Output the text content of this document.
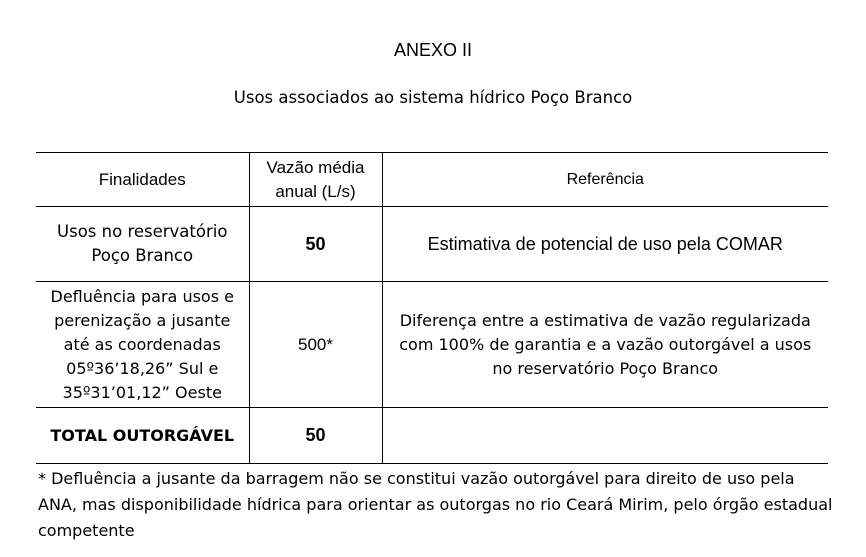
ANEXO II
Usos associados ao sistema hídrico Poço Branco
Finalidades	Vazão média anual (L/s)	Referência
Usos no reservatório Poço Branco	50	Estimativa de potencial de uso pela COMAR
Defluência para usos e perenização a jusante até as coordenadas 05º36’18,26” Sul e 35º31’01,12” Oeste	500*	Diferença entre a estimativa de vazão regularizada com 100% de garantia e a vazão outorgável a usos no reservatório Poço Branco
TOTAL OUTORGÁVEL	50	
* Defluência a jusante da barragem não se constitui vazão outorgável para direito de uso pela ANA, mas disponibilidade hídrica para orientar as outorgas no rio Ceará Mirim, pelo órgão estadual competente
